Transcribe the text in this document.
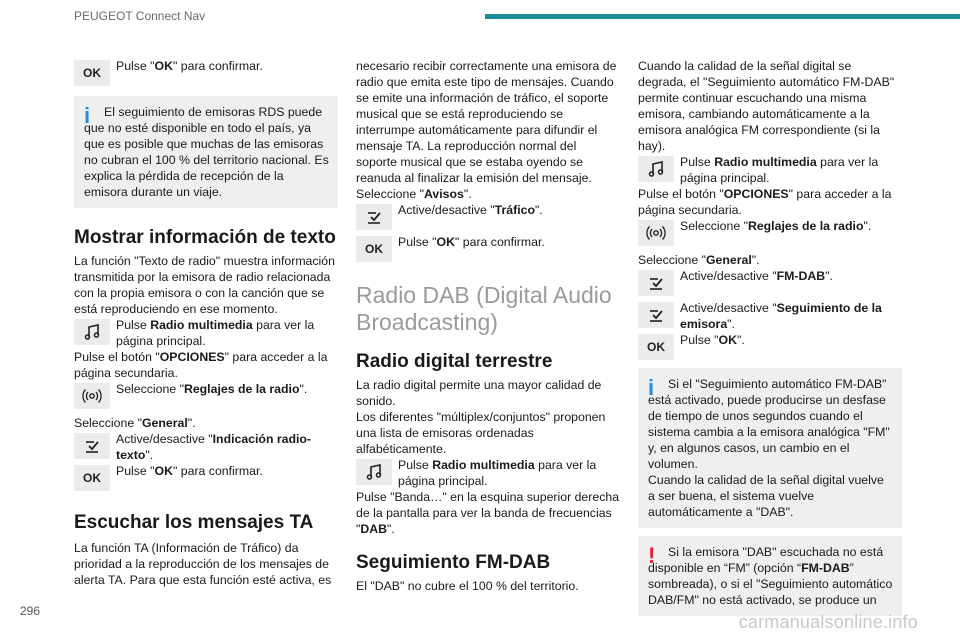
PEUGEOT Connect Nav
OK	Pulse "OK" para confirmar.

i	El seguimiento de emisoras RDS puede que no esté disponible en todo el país, ya que es posible que muchas de las emisoras no cubran el 100 % del territorio nacional. Es explica la pérdida de recepción de la emisora durante un viaje.

Mostrar información de texto

La función "Texto de radio" muestra información transmitida por la emisora de radio relacionada con la propia emisora o con la canción que se está reproduciendo en ese momento.

Pulse Radio multimedia para ver la página principal.

Pulse el botón "OPCIONES" para acceder a la página secundaria.

Seleccione "Reglajes de la radio".

Seleccione "General".

Active/desactive "Indicación radio-texto".

OK	Pulse "OK" para confirmar.

Escuchar los mensajes TA

La función TA (Información de Tráfico) da prioridad a la reproducción de los mensajes de alerta TA. Para que esta función esté activa, es

necesario recibir correctamente una emisora de radio que emita este tipo de mensajes. Cuando se emite una información de tráfico, el soporte musical que se está reproduciendo se interrumpe automáticamente para difundir el mensaje TA. La reproducción normal del soporte musical que se estaba oyendo se reanuda al finalizar la emisión del mensaje.

Seleccione "Avisos".

Active/desactive "Tráfico".

OK	Pulse "OK" para confirmar.

Radio DAB (Digital Audio Broadcasting)
Radio digital terrestre

La radio digital permite una mayor calidad de sonido.
Los diferentes "múltiplex/conjuntos" proponen una lista de emisoras ordenadas alfabéticamente.

Pulse Radio multimedia para ver la página principal.

Pulse "Banda…" en la esquina superior derecha de la pantalla para ver la banda de frecuencias "DAB".

Seguimiento FM-DAB

El "DAB" no cubre el 100 % del territorio.

Cuando la calidad de la señal digital se degrada, el "Seguimiento automático FM-DAB" permite continuar escuchando una misma emisora, cambiando automáticamente a la emisora analógica FM correspondiente (si la hay).

Pulse Radio multimedia para ver la página principal.

Pulse el botón "OPCIONES" para acceder a la página secundaria.

Seleccione "Reglajes de la radio".

Seleccione "General".

Active/desactive "FM-DAB".

Active/desactive "Seguimiento de la emisora".

OK	Pulse "OK".

i	Si el "Seguimiento automático FM-DAB" está activado, puede producirse un desfase de tiempo de unos segundos cuando el sistema cambia a la emisora analógica "FM" y, en algunos casos, un cambio en el volumen.
Cuando la calidad de la señal digital vuelve a ser buena, el sistema vuelve automáticamente a "DAB".

!	Si la emisora "DAB" escuchada no está disponible en “FM” (opción “FM-DAB” sombreada), o si el "Seguimiento automático DAB/FM" no está activado, se produce un

296
carmanualsonline.info
